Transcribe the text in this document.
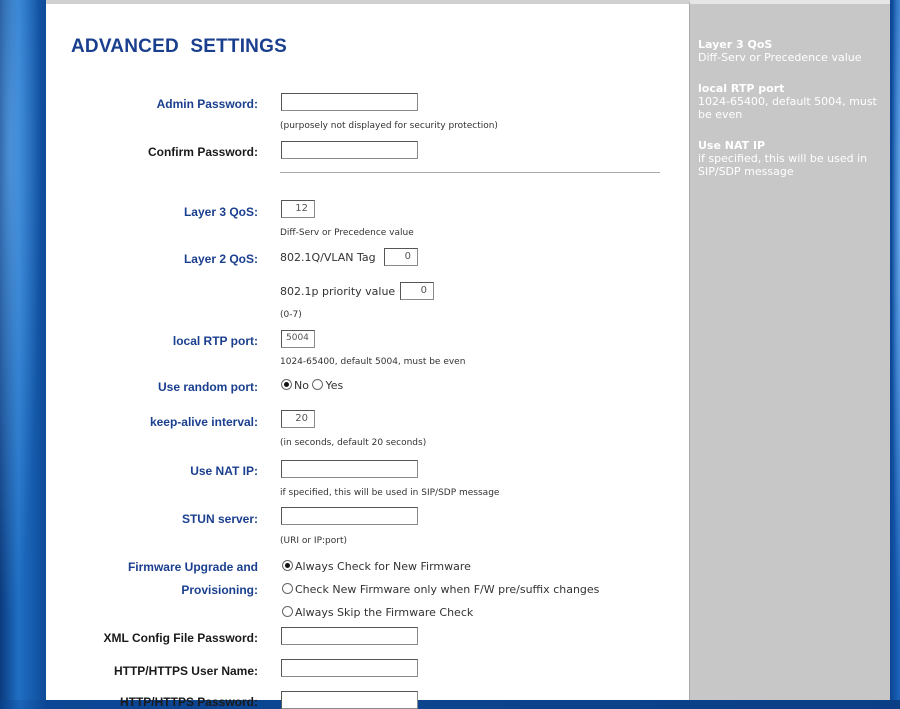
ADVANCED SETTINGS
Admin Password:
(purposely not displayed for security protection)
Confirm Password:
Layer 3 QoS:	12
Diff-Serv or Precedence value
Layer 2 QoS: 802.1Q/VLAN Tag	0
802.1p priority value	0
(0-7)
local RTP port:	5004
1024-65400, default 5004, must be even
Use random port:	No Yes
keep-alive interval:	20
(in seconds, default 20 seconds)
Use NAT IP:
if specified, this will be used in SIP/SDP message
STUN server:
(URI or IP:port)
Firmware Upgrade and
Provisioning:
Always Check for New Firmware
Check New Firmware only when F/W pre/suffix changes
Always Skip the Firmware Check
XML Config File Password:
HTTP/HTTPS User Name:
HTTP/HTTPS Password:
Layer 3 QoS
Diff-Serv or Precedence value
local RTP port
1024-65400, default 5004, must be even
Use NAT IP
if specified, this will be used in SIP/SDP message
